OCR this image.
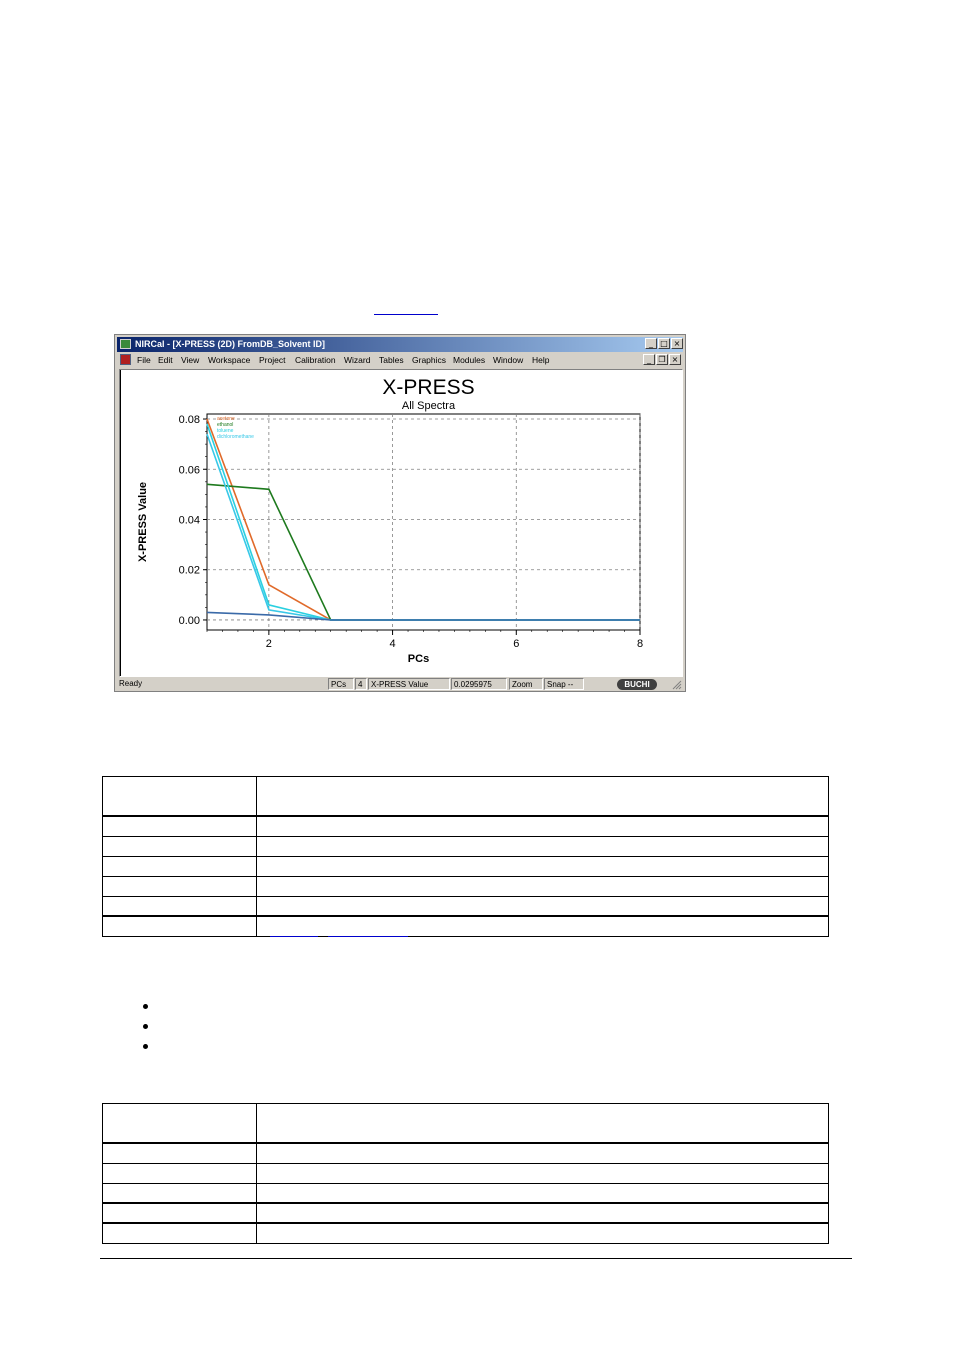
NIRCal - [X-PRESS (2D) FromDB_Solvent ID]	_ □ ×
File Edit View Workspace Project Calibration Wizard Tables Graphics Modules Window Help	_ ❐ ×
X-PRESS
All Spectra
2	4	6	8
0.00
0.02
0.04
0.06
0.08
PCs
X-PRESS Value
acetone
ethanol
toluene
dichloromethane
Ready	PCs	4	X-PRESS Value	0.0295975	Zoom	Snap --	BUCHI
